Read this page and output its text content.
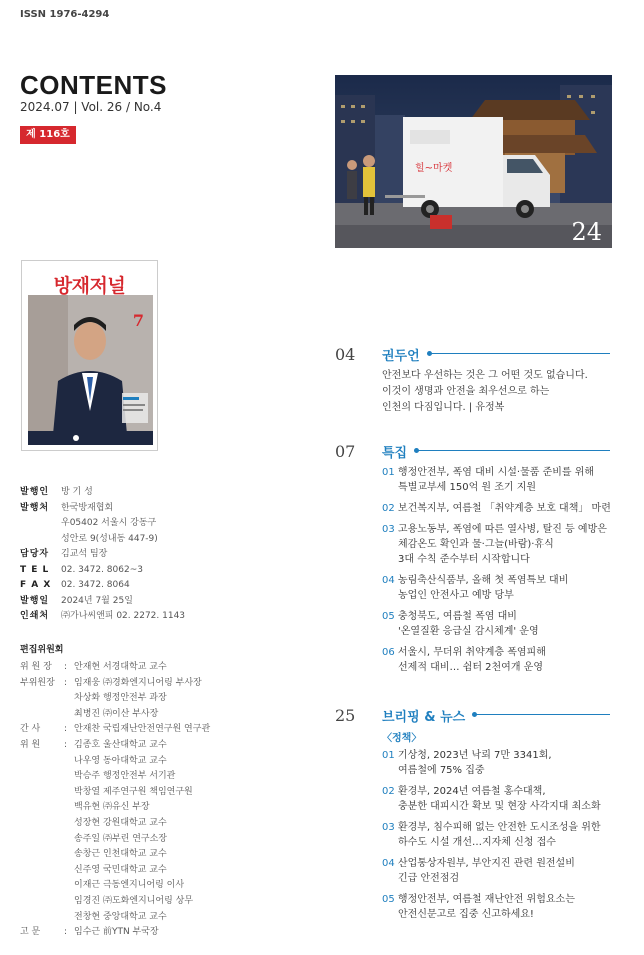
ISSN 1976-4294
CONTENTS
2024.07 | Vol. 26 / No.4
제 116호
힐~마켓
24
방재저널
7
발행인	방 기 성
발행처	한국방재협회
우05402 서울시 강동구
성안로 9(성내동 447-9)
담당자	김교석 팀장
T E L	02. 3472. 8062~3
F A X	02. 3472. 8064
발행일	2024년 7월 25일
인쇄처	㈜가나씨앤피 02. 2272. 1143
편집위원회
위 원 장	: 안재현 서경대학교 교수
부위원장	: 임재웅 ㈜경화엔지니어링 부사장
차상화 행정안전부 과장
최병진 ㈜이산 부사장
간 사	: 안재찬 국립재난안전연구원 연구관
위 원	: 김종호 울산대학교 교수
나우영 동아대학교 교수
박승주 행정안전부 서기관
박창열 제주연구원 책임연구원
백유현 ㈜유신 부장
성장현 강원대학교 교수
송주일 ㈜부린 연구소장
송창근 인천대학교 교수
신주영 국민대학교 교수
이재근 극동엔지니어링 이사
임경진 ㈜도화엔지니어링 상무
전창현 중앙대학교 교수
고 문	: 임수근 前YTN 부국장
04 권두언
안전보다 우선하는 것은 그 어떤 것도 없습니다.
이것이 생명과 안전을 최우선으로 하는
인천의 다짐입니다. | 유정복
07 특집
01 행정안전부, 폭염 대비 시설·물품 준비를 위해
특별교부세 150억 원 조기 지원
02 보건복지부, 여름철 「취약계층 보호 대책」 마련
03 고용노동부, 폭염에 따른 열사병, 탈진 등 예방은
체감온도 확인과 물·그늘(바람)·휴식
3대 수칙 준수부터 시작합니다
04 농림축산식품부, 올해 첫 폭염특보 대비
농업인 안전사고 예방 당부
05 충청북도, 여름철 폭염 대비
'온열질환 응급실 감시체계' 운영
06 서울시, 무더위 취약계층 폭염피해
선제적 대비… 쉼터 2천여개 운영
25 브리핑 & 뉴스
〈정책〉
01 기상청, 2023년 낙뢰 7만 3341회,
여름철에 75% 집중
02 환경부, 2024년 여름철 홍수대책,
충분한 대피시간 확보 및 현장 사각지대 최소화
03 환경부, 침수피해 없는 안전한 도시조성을 위한
하수도 시설 개선…지자체 신청 접수
04 산업통상자원부, 부안지진 관련 원전설비
긴급 안전점검
05 행정안전부, 여름철 재난안전 위험요소는
안전신문고로 집중 신고하세요!
